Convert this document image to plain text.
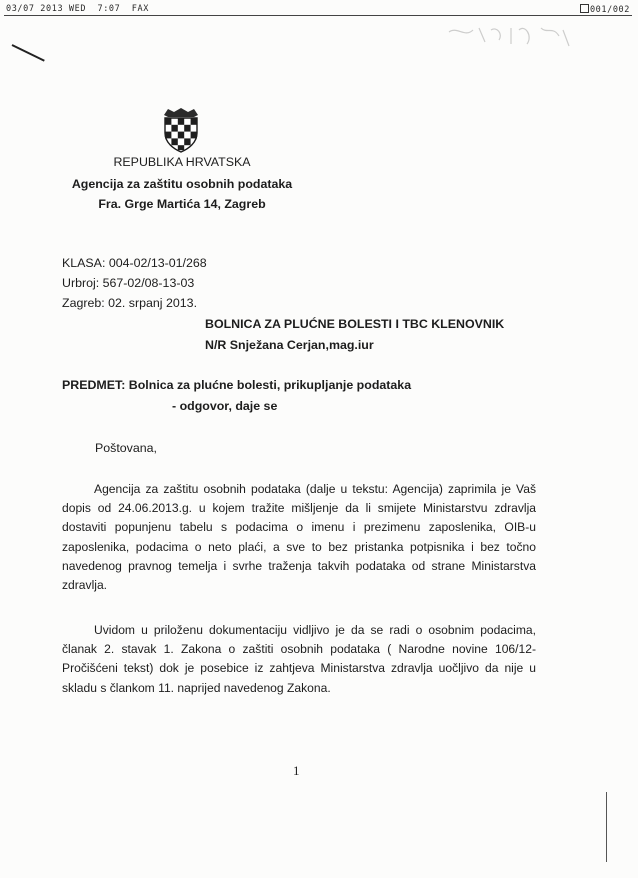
03/07 2013 WED  7:07  FAX	001/002
REPUBLIKA HRVATSKA
Agencija za zaštitu osobnih podataka
Fra. Grge Martića 14, Zagreb
KLASA: 004-02/13-01/268
Urbroj: 567-02/08-13-03
Zagreb: 02. srpanj 2013.
BOLNICA ZA PLUĆNE BOLESTI I TBC KLENOVNIK
N/R Snježana Cerjan,mag.iur
PREDMET: Bolnica za plućne bolesti, prikupljanje podataka
- odgovor, daje se
Poštovana,
Agencija za zaštitu osobnih podataka (dalje u tekstu: Agencija) zaprimila je Vaš
dopis od 24.06.2013.g. u kojem tražite mišljenje da li smijete Ministarstvu zdravlja
dostaviti popunjenu tabelu s podacima o imenu i prezimenu zaposlenika, OIB-u
zaposlenika, podacima o neto plaći, a sve to bez pristanka potpisnika i bez točno
navedenog pravnog temelja i svrhe traženja takvih podataka od strane Ministarstva
zdravlja.
Uvidom u priloženu dokumentaciju vidljivo je da se radi o osobnim podacima,
članak 2. stavak 1. Zakona o zaštiti osobnih podataka ( Narodne novine 106/12-
Pročišćeni tekst) dok je posebice iz zahtjeva Ministarstva zdravlja uočljivo da nije u
skladu s člankom 11. naprijed navedenog Zakona.
1
